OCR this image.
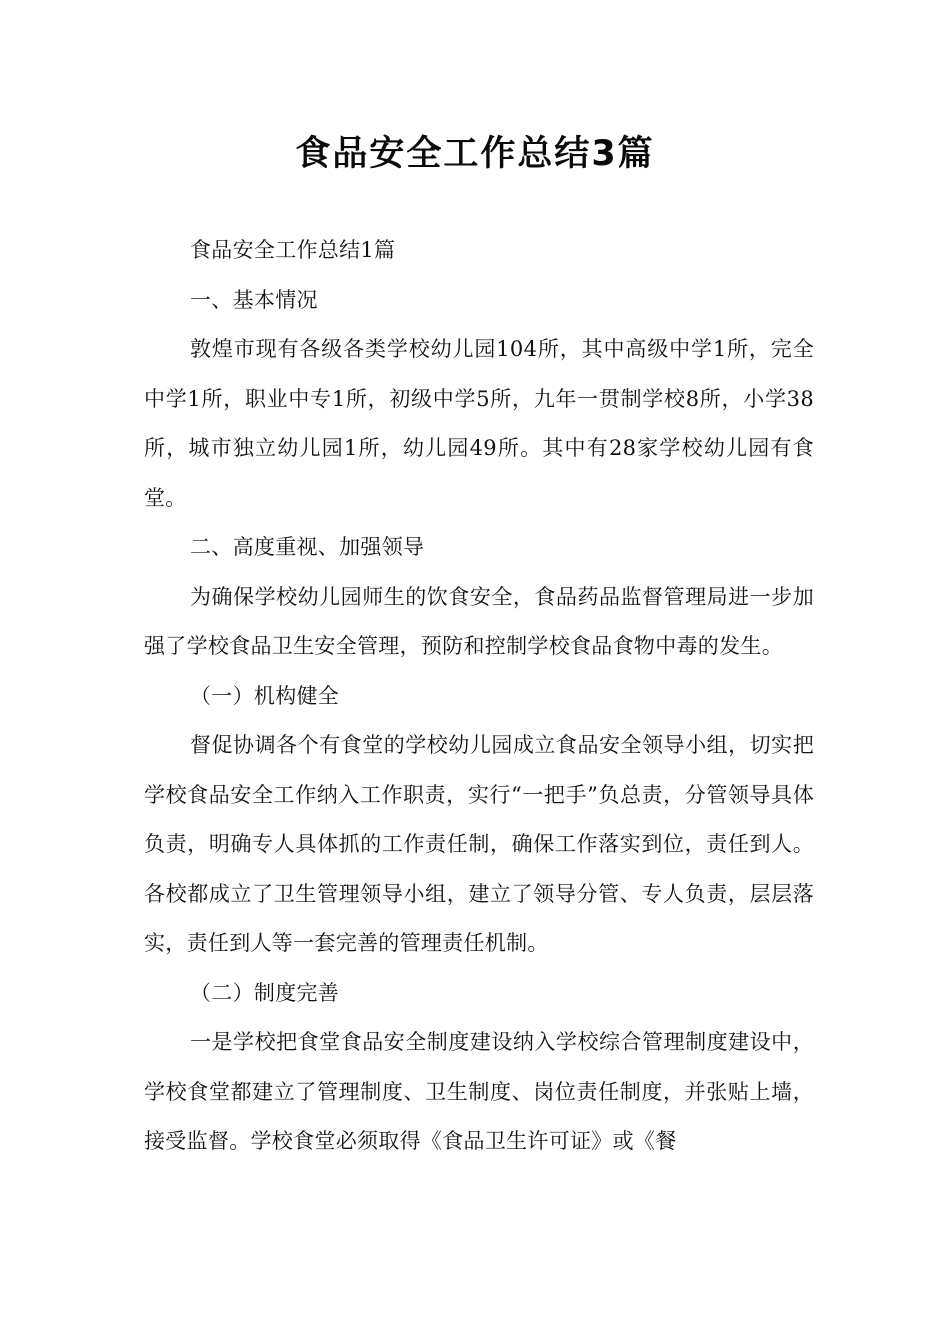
食品安全工作总结3篇

食品安全工作总结1篇

一、基本情况

敦煌市现有各级各类学校幼儿园104所，其中高级中学1所，完全中学1所，职业中专1所，初级中学5所，九年一贯制学校8所，小学38所，城市独立幼儿园1所，幼儿园49所。其中有28家学校幼儿园有食堂。

二、高度重视、加强领导

为确保学校幼儿园师生的饮食安全，食品药品监督管理局进一步加强了学校食品卫生安全管理，预防和控制学校食品食物中毒的发生。

（一）机构健全

督促协调各个有食堂的学校幼儿园成立食品安全领导小组，切实把学校食品安全工作纳入工作职责，实行“一把手”负总责，分管领导具体负责，明确专人具体抓的工作责任制，确保工作落实到位，责任到人。各校都成立了卫生管理领导小组，建立了领导分管、专人负责，层层落实，责任到人等一套完善的管理责任机制。

（二）制度完善

一是学校把食堂食品安全制度建设纳入学校综合管理制度建设中，学校食堂都建立了管理制度、卫生制度、岗位责任制度，并张贴上墙，接受监督。学校食堂必须取得《食品卫生许可证》或《餐
